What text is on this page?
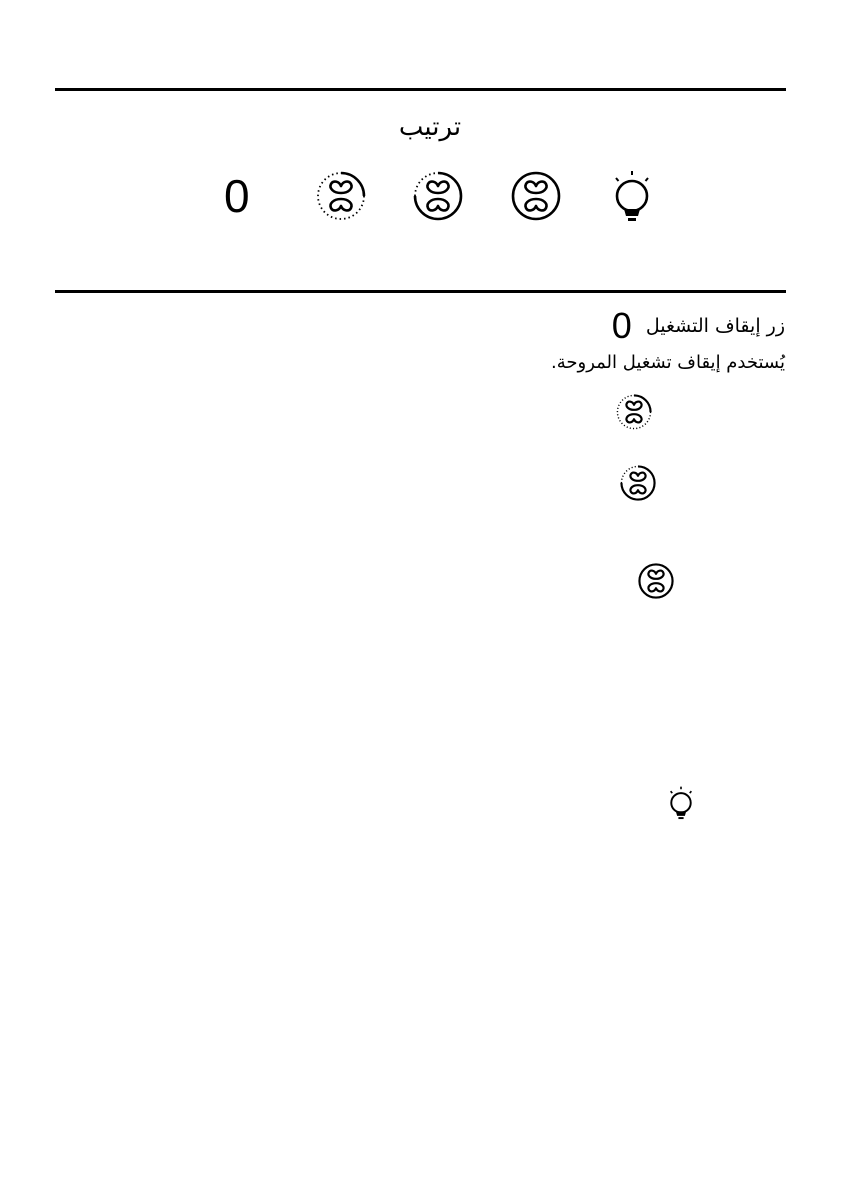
ترتيب
0
زر إيقاف التشغيل 0
يُستخدم إيقاف تشغيل المروحة.
